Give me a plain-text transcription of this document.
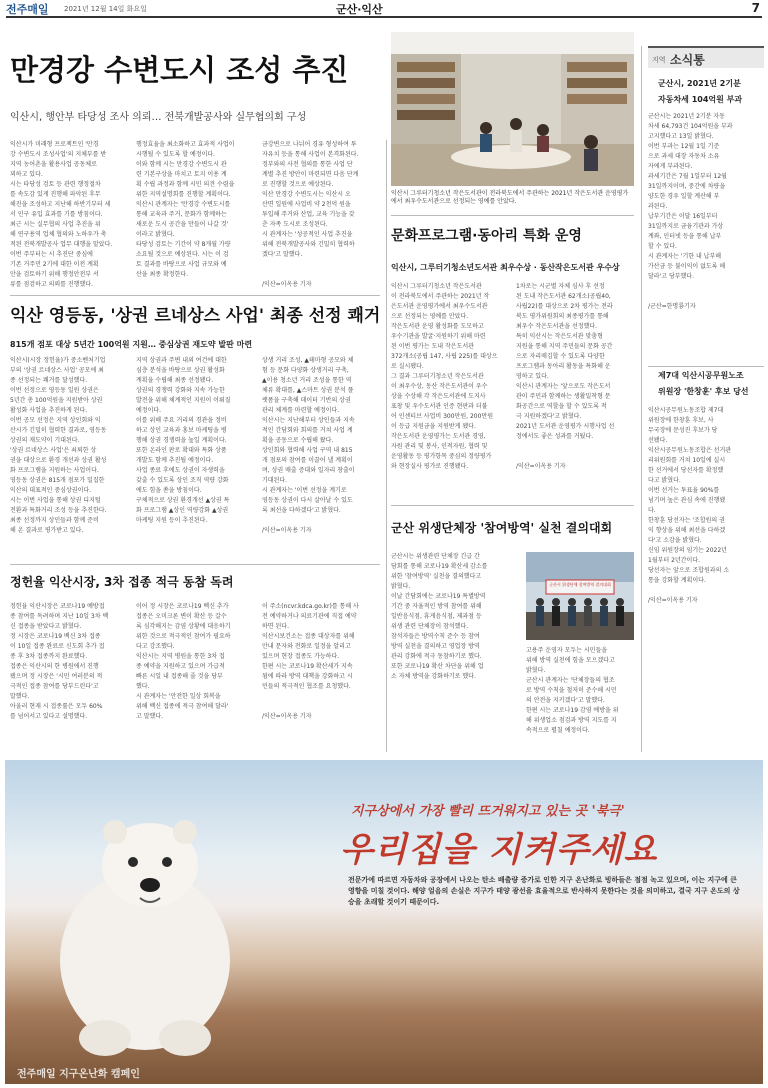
전주매일 2021년 12월 14일 화요일	군산·익산	7
만경강 수변도시 조성 추진
익산시, 행안부 타당성 조사 의뢰… 전북개발공사와 실무협의회 구성
익산시가 미래형 프로젝트인 '만경
강 수변도시 조성사업'의 지체부를 받
지역 농어촌을 활용사업 공동체로
꾀하고 있다.
시는 타당성 검토 등 관련 행정절차
를 속도감 있게 진행해 파악된 후무
해진을 조성하고 지난해 하반기부터 세
서 인구 유입 효과를 기를 방침이다.
최근 시는 실무협의 사업 추진을 위
해 연구용역 업체 협의와 노하우가 축
적된 전북개발공사 업무 대행을 맡았다.
이번 주부터는 시 추진단 중심에
기존 거주민 2기에 대한 이전 계획
안을 검토하기 위해 행정안전부 서
류를 점검하고 의뢰를 진행했다.
행정효율을 최소화하고 효과적 사업이
시행될 수 있도록 할 예정이다.
이와 함께 시는 만경강 수변도시 관
련 기본구상을 마치고 토지 이용 계
획 수립 과정과 함께 시민 의견 수렴을
위한 지역설명회를 진행할 계획이다.
익산시 관계자는 '만경강 수변도시를
통해 교육과 주거, 문화가 함께하는
새로운 도시 공간을 만들어 나갈 것'
이라고 밝혔다.
타당성 검토는 기간이 약 8개월 가량
소요될 것으로 예상된다. 시는 이 검
토 결과를 바탕으로 사업 규모와 예
산을 최종 확정한다.
금강변으로 나뉘어 경유 형성하여 투
자유치 등을 통해 사업이 본격화된다.
정부와의 사전 협의를 통한 사업 단
계별 추진 방안이 마련되면 다음 단계
로 진행할 것으로 예상된다.
익산 만경강 수변도시는 익산시 오
산면 일원에 사업비 약 2천억 원을
투입해 주거와 산업, 교육 기능을 갖
춘 자족 도시로 조성된다.
시 관계자는 '성공적인 사업 추진을
위해 전북개발공사와 긴밀히 협력하
겠다'고 말했다.
/익산=이옥용 기자
익산시 그루터기청소년 작은도서관이 전라북도에서 주관하는 2021년 작은도서관 운영평가에서 최우수도서관으로 선정되는 영예를 안았다.
문화프로그램·동아리 특화 운영
익산시, 그루터기청소년도서관 최우수상 · 동산작은도서관 우수상
익산시 그루터기청소년 작은도서관
이 전라북도에서 주관하는 2021년 작
은도서관 운영평가에서 최우수도서관
으로 선정되는 영예를 안았다.
작은도서관 운영 활성화를 도모하고
우수기관을 발굴·지원하기 위해 마련
된 이번 평가는 도내 작은도서관
372개소(공립 147, 사립 225)를 대상으
로 실시됐다.
그 결과 그루터기청소년 작은도서관
이 최우수상, 동산 작은도서관이 우수
상을 수상해 각 작은도서관에 도지사
표창 및 우수도서관 인증 현판과 더불
어 인센티브 사업비 300만원, 200만원
이 등급 지원금을 지원받게 됐다.
작은도서관 운영평가는 도서관 경영,
자원 관리 및 봉사, 인적자원, 협력 및
운영활동 등 평가항목 중심의 정량평가
와 현장실사 평가로 진행됐다.
1차로는 시군별 자체 심사 후 선정
된 도내 작은도서관 62개소(공립40,
사립22)를 대상으로 2차 평가는 전라
북도 평가위원회의 최종평가를 통해
최우수 작은도서관을 선정했다.
특히 익산시는 작은도서관 맞춤형
지원을 통해 지역 주민들의 문화 공간
으로 자리매김할 수 있도록 다양한
프로그램과 동아리 활동을 특화해 운
영하고 있다.
익산시 관계자는 '앞으로도 작은도서
관이 주민과 함께하는 생활밀착형 문
화공간으로 역할을 할 수 있도록 적
극 지원하겠다'고 밝혔다.
2021년 도서관 운영평가 시행사업 선
정에서도 좋은 성과를 거뒀다.
/익산=이옥용 기자
익산 영등동, '상권 르네상스 사업' 최종 선정 쾌거
815개 점포 대상 5년간 100억원 지원… 중심상권 재도약 발판 마련
익산시(시장 정헌율)가 중소벤처기업
부의 '상권 르네상스 사업' 공모에 최
종 선정되는 쾌거를 달성했다.
이번 선정으로 영등동 일원 상권은
5년간 총 100억원을 지원받아 상권
활성화 사업을 추진하게 된다.
이번 공모 선정은 지역 상인회와 익
산시가 긴밀히 협력한 결과로, 영등동
상권의 재도약이 기대된다.
'상권 르네상스 사업'은 쇠퇴한 상
권을 대상으로 환경 개선과 상권 활성
화 프로그램을 지원하는 사업이다.
영등동 상권은 815개 점포가 밀집한
익산의 대표적인 중심상권이다.
시는 이번 사업을 통해 상권 디지털
전환과 특화거리 조성 등을 추진한다.
최종 선정까지 상인들과 함께 준비
해 온 결과로 평가받고 있다.
지역 상권과 주변 내외 여건에 대한
심층 분석을 바탕으로 상권 활성화
계획을 수립해 최종 선정됐다.
상권의 경쟁력 강화와 지속 가능한
발전을 위해 체계적인 지원이 이뤄질
예정이다.
이를 위해 주요 거리의 경관을 정비
하고 상인 교육과 홍보 마케팅을 병
행해 상권 경쟁력을 높일 계획이다.
또한 온라인 판로 확대와 특화 상품
개발도 함께 추진될 예정이다.
사업 종료 후에도 상권이 자생력을
갖출 수 있도록 상인 조직 역량 강화
에도 힘을 쏟을 방침이다.
구체적으로 상권 환경개선 ▲상권 특
화 프로그램 ▲상인 역량강화 ▲상권
마케팅 지원 등이 추진된다.
상생 거리 조성, ▲테마형 공모와 체
험 등 문화 다양화 상생거리 구축,
▲이용 청소년 거리 조성을 통한 역
체류 확대를, ▲스마트 상권 분석 플
랫폼을 구축해 데이터 기반의 상권
관리 체계를 마련할 예정이다.
익산시는 지난해부터 상인들과 지속
적인 간담회와 회의를 거쳐 사업 계
획을 공동으로 수립해 왔다.
상인회와 협력해 사업 구역 내 815
개 점포의 참여를 이끌어 낼 계획이
며, 상권 매출 증대와 일자리 창출이
기대된다.
시 관계자는 '이번 선정을 계기로
영등동 상권이 다시 살아날 수 있도
록 최선을 다하겠다'고 밝혔다.
/익산=이옥용 기자
정헌율 익산시장, 3차 접종 적극 동참 독려
정헌율 익산시장은 코로나19 예방접
종 참여를 독려하며 지난 10일 3차 백
신 접종을 받았다고 밝혔다.
정 시장은 코로나19 백신 3차 접종
이 10일 접종 완료로 신도회 추가 접
종 후 3차 접종까지 완료했다.
접종은 익산시의 한 병원에서 진행
됐으며 정 시장은 '시민 여러분의 적
극적인 접종 참여를 당부드린다'고
말했다.
아울러 현재 시 접종률은 모두 60%
를 넘어서고 있다고 설명했다.
이어 정 시장은 코로나19 백신 추가
접종은 오미크론 변이 확산 등 갈수
록 심각해지는 감염 상황에 대응하기
위한 것으로 적극적인 참여가 필요하
다고 강조했다.
익산시는 지역 병원을 통한 3차 접
종 예약을 지원하고 있으며 가급적
빠른 시일 내 접종해 줄 것을 당부
했다.
시 관계자는 '안전한 일상 회복을
위해 백신 접종에 적극 참여해 달라'
고 말했다.
이 주소(ncvr.kdca.go.kr)를 통해 사
전 예약하거나 의료기관에 직접 예약
하면 된다.
익산시보건소는 접종 대상자를 위해
안내 문자와 전화로 일정을 알리고
있으며 현장 접종도 가능하다.
한편 시는 코로나19 확산세가 지속
됨에 따라 방역 대책을 강화하고 시
민들의 적극적인 협조를 요청했다.
/익산=이옥용 기자
군산 위생단체장 '참여방역' 실천 결의대회
군산시는 위생관련 단체장 긴급 간
담회를 통해 코로나19 확산세 감소를
위한 '참여방역' 실천을 결의했다고
밝혔다.
이날 간담회에는 코로나19 특별방역
기간 중 자율적인 방역 참여를 위해
일반음식점, 휴게음식점, 제과점 등
위생 관련 단체장이 참석했다.
참석자들은 방역수칙 준수 등 참여
방역 실천을 결의하고 영업장 방역
관리 강화에 적극 동참하기로 했다.
또한 코로나19 확산 차단을 위해 업
소 자체 방역을 강화하기로 했다.
고용주 운영자 모두는 시민들을
위해 방역 실천에 힘을 모으겠다고
밝혔다.
군산시 관계자는 '단체장들의 협조
로 방역 수칙을 철저히 준수해 시민
의 안전을 지키겠다'고 말했다.
한편 시는 코로나19 감염 예방을 위
해 위생업소 점검과 방역 지도를 지
속적으로 펼칠 예정이다.
군산시 위생단체 참여방역 결의대회
지역 소식통
군산시, 2021년 2기분
자동차세 104억원 부과
군산시는 2021년 2기분 자동
차세 64,793건 104억원을 부과
고지했다고 13일 밝혔다.
이번 부과는 12월 1일 기준
으로 과세 대장 자동차 소유
자에게 부과된다.
과세기간은 7월 1일부터 12월
31일까지이며, 중간에 차량을
양도한 경우 일할 계산해 부
과된다.
납부기간은 이달 16일부터
31일까지로 금융기관과 가상
계좌, 인터넷 등을 통해 납부
할 수 있다.
시 관계자는 '기한 내 납부해
가산금 등 불이익이 없도록 해
달라'고 당부했다.
/군산=한명룡기자
제7대 익산시공무원노조
위원장 '한창훈' 후보 당선
익산시공무원노동조합 제7대
위원장에 한창훈 후보, 사
무국장에 문성진 후보가 당
선됐다.
익산시공무원노동조합은 선거관
리위원회를 거쳐 10일에 실시
한 선거에서 당선자를 확정했
다고 밝혔다.
이번 선거는 투표율 90%를
넘기며 높은 관심 속에 진행됐
다.
한창훈 당선자는 '조합원의 권
익 향상을 위해 최선을 다하겠
다'고 소감을 밝혔다.
신임 위원장의 임기는 2022년
1월부터 2년간이다.
당선자는 앞으로 조합원과의 소
통을 강화할 계획이다.
/익산=이옥용 기자
지구상에서 가장 빨리 뜨거워지고 있는 곳 '북극'
우리집을 지켜주세요
전문가에 따르면 자동차와 공장에서 나오는 탄소 배출량 증가로 인한 지구 온난화로 빙하들은 점점 녹고 있으며, 이는 지구에 큰 영향을 미칠 것이다. 해양 얼음의 손실은 지구가 태양 광선을 효율적으로 반사하지 못한다는 것을 의미하고, 결국 지구 온도의 상승을 초래할 것이기 때문이다.
전주매일 지구온난화 캠페인
